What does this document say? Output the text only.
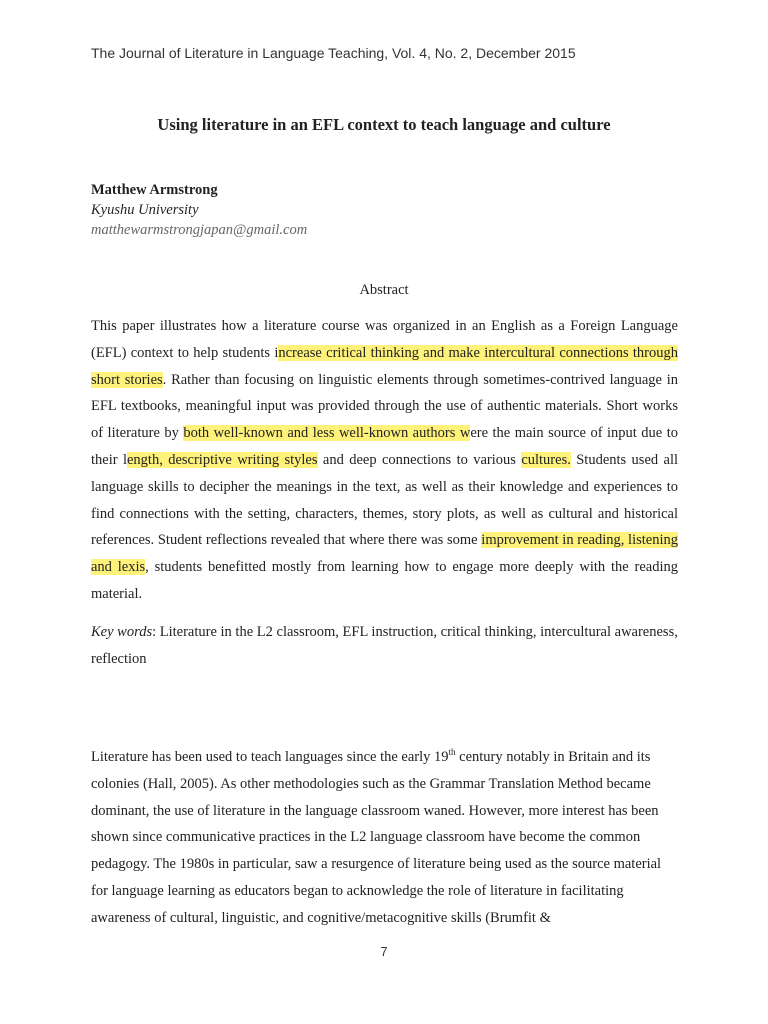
The Journal of Literature in Language Teaching, Vol. 4, No. 2, December 2015
Using literature in an EFL context to teach language and culture
Matthew Armstrong
Kyushu University
matthewarmstrongjapan@gmail.com
Abstract

This paper illustrates how a literature course was organized in an English as a Foreign Language (EFL) context to help students increase critical thinking and make intercultural connections through short stories. Rather than focusing on linguistic elements through sometimes-contrived language in EFL textbooks, meaningful input was provided through the use of authentic materials. Short works of literature by both well-known and less well-known authors were the main source of input due to their length, descriptive writing styles and deep connections to various cultures. Students used all language skills to decipher the meanings in the text, as well as their knowledge and experiences to find connections with the setting, characters, themes, story plots, as well as cultural and historical references. Student reflections revealed that where there was some improvement in reading, listening and lexis, students benefitted mostly from learning how to engage more deeply with the reading material.

Key words: Literature in the L2 classroom, EFL instruction, critical thinking, intercultural awareness, reflection

Literature has been used to teach languages since the early 19th century notably in Britain and its colonies (Hall, 2005). As other methodologies such as the Grammar Translation Method became dominant, the use of literature in the language classroom waned. However, more interest has been shown since communicative practices in the L2 language classroom have become the common pedagogy. The 1980s in particular, saw a resurgence of literature being used as the source material for language learning as educators began to acknowledge the role of literature in facilitating awareness of cultural, linguistic, and cognitive/metacognitive skills (Brumfit &

7
